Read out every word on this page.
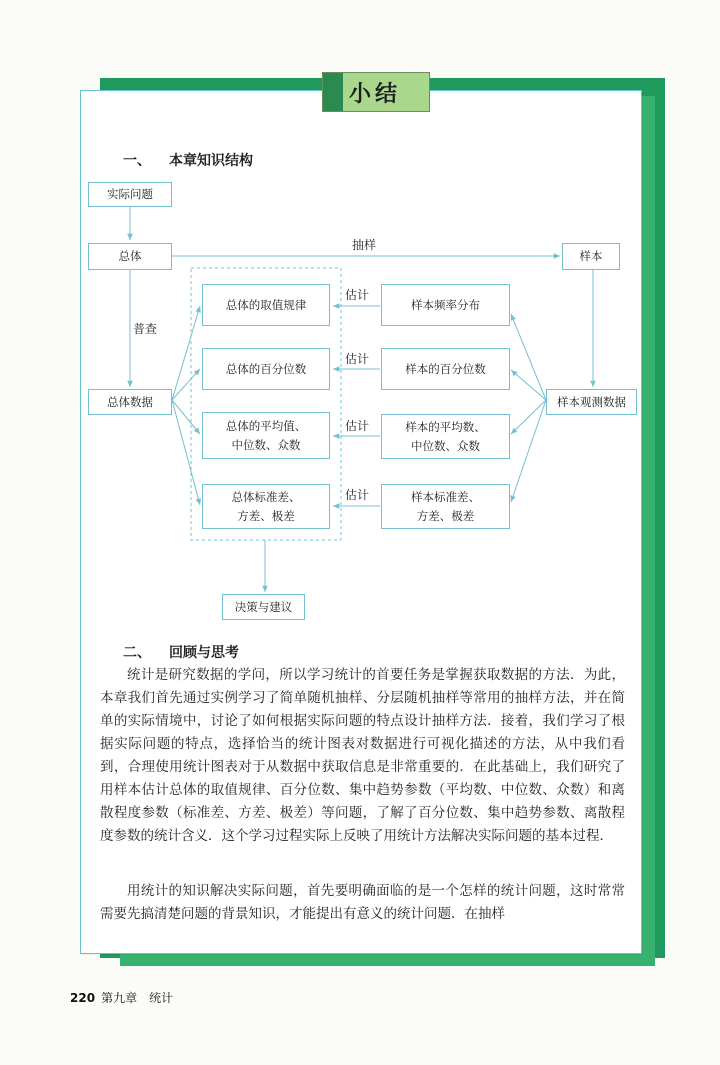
小结
一、 本章知识结构
实际问题
总体	样本
总体数据	样本观测数据
总体的取值规律
总体的百分位数
总体的平均值、
中位数、众数
总体标准差、
方差、极差
样本频率分布
样本的百分位数
样本的平均数、
中位数、众数
样本标准差、
方差、极差
决策与建议
抽样
普查
估计
估计
估计
估计
二、 回顾与思考
统计是研究数据的学问，所以学习统计的首要任务是掌握获取数据的方法．为此，本章我们首先通过实例学习了简单随机抽样、分层随机抽样等常用的抽样方法，并在简单的实际情境中，讨论了如何根据实际问题的特点设计抽样方法．接着，我们学习了根据实际问题的特点，选择恰当的统计图表对数据进行可视化描述的方法，从中我们看到，合理使用统计图表对于从数据中获取信息是非常重要的．在此基础上，我们研究了用样本估计总体的取值规律、百分位数、集中趋势参数（平均数、中位数、众数）和离散程度参数（标准差、方差、极差）等问题，了解了百分位数、集中趋势参数、离散程度参数的统计含义．这个学习过程实际上反映了用统计方法解决实际问题的基本过程．
用统计的知识解决实际问题，首先要明确面临的是一个怎样的统计问题，这时常常需要先搞清楚问题的背景知识，才能提出有意义的统计问题．在抽样
220 第九章　统计
